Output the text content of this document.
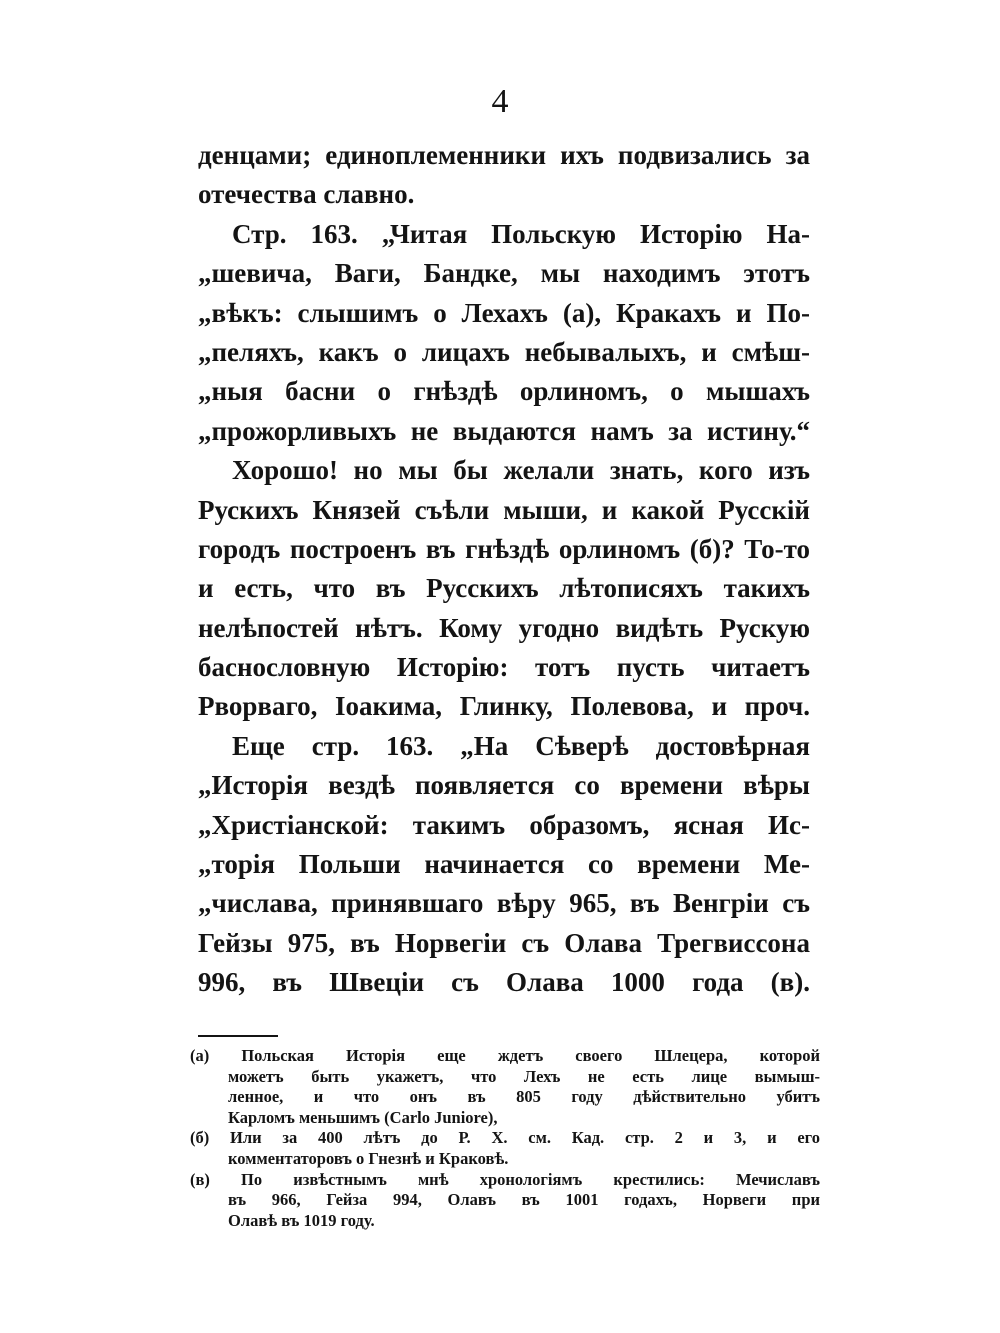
4
денцами; единоплеменники ихъ подвизались за
отечества славно.
Стр. 163. „Читая Польскую Исторію На-
„шевича, Ваги, Бандке, мы находимъ этотъ
„вѣкъ: слышимъ о Лехахъ (а), Кракахъ и По-
„пеляхъ, какъ о лицахъ небывалыхъ, и смѣш-
„ныя басни о гнѣздѣ орлиномъ, о мышахъ
„прожорливыхъ не выдаются намъ за истину.“
Хорошо! но мы бы желали знать, кого изъ
Рускихъ Князей съѣли мыши, и какой Русскій
городъ построенъ въ гнѣздѣ орлиномъ (б)? То-то
и есть, что въ Русскихъ лѣтописяхъ такихъ
нелѣпостей нѣтъ. Кому угодно видѣть Рускую
баснословную Исторію: тотъ пусть читаетъ
Рворваго, Іоакима, Глинку, Полевова, и проч.
Еще стр. 163. „На Сѣверѣ достовѣрная
„Исторія вездѣ появляется со времени вѣры
„Христіанской: такимъ образомъ, ясная Ис-
„торія Польши начинается со времени Ме-
„числава, принявшаго вѣру 965, въ Венгріи съ
Гейзы 975, въ Норвегіи съ Олава Трегвиссона
996, въ Швеціи съ Олава 1000 года (в).
(а) Польская Исторія еще ждетъ своего Шлецера, которой
можетъ быть укажетъ, что Лехъ не есть лице вымыш-
ленное, и что онъ въ 805 году дѣйствительно убитъ
Карломъ меньшимъ (Carlo Juniore),
(б) Или за 400 лѣтъ до Р. Х. см. Кад. стр. 2 и 3, и его
комментаторовъ о Гнезнѣ и Краковѣ.
(в) По извѣстнымъ мнѣ хронологіямъ крестились: Мечиславъ
въ 966, Гейза 994, Олавъ въ 1001 годахъ, Норвеги при
Олавѣ въ 1019 году.
